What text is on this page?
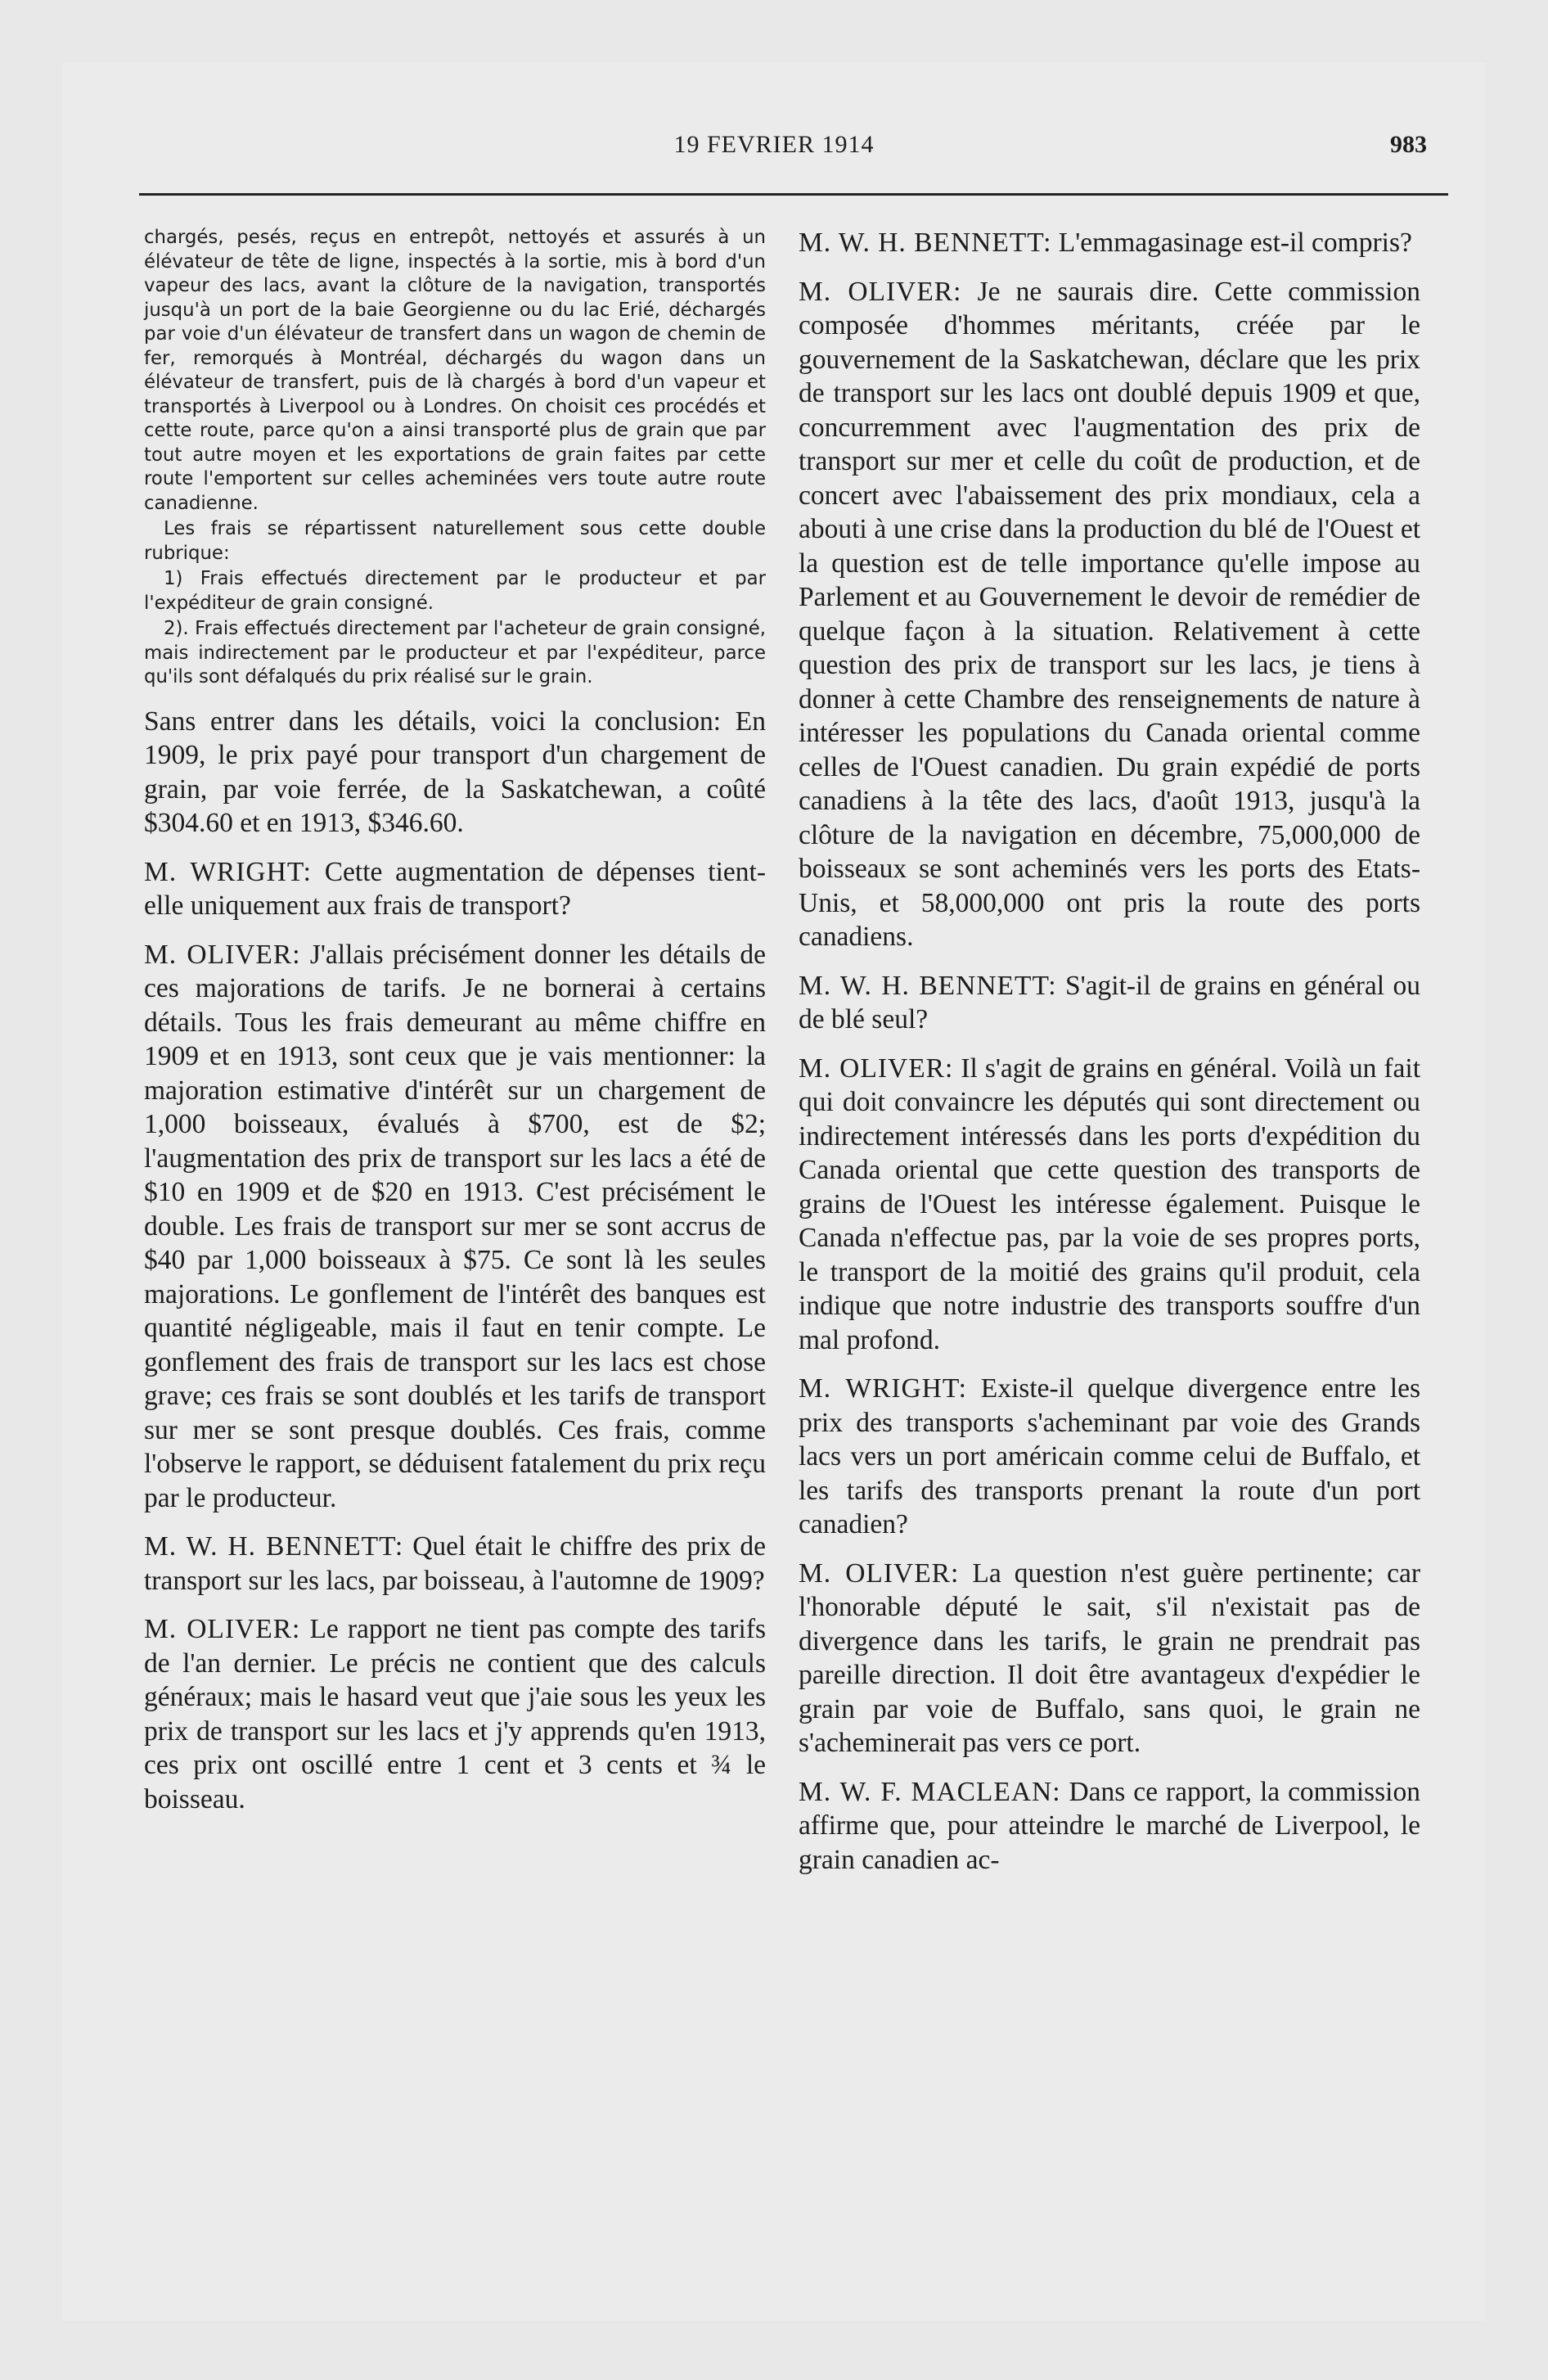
19 FEVRIER 1914	983

chargés, pesés, reçus en entrepôt, nettoyés et assurés à un élévateur de tête de ligne, inspectés à la sortie, mis à bord d'un vapeur des lacs, avant la clôture de la navigation, transportés jusqu'à un port de la baie Georgienne ou du lac Erié, déchargés par voie d'un élévateur de transfert dans un wagon de chemin de fer, remorqués à Montréal, déchargés du wagon dans un élévateur de transfert, puis de là chargés à bord d'un vapeur et transportés à Liverpool ou à Londres. On choisit ces procédés et cette route, parce qu'on a ainsi transporté plus de grain que par tout autre moyen et les exportations de grain faites par cette route l'emportent sur celles acheminées vers toute autre route canadienne.

Les frais se répartissent naturellement sous cette double rubrique:

1) Frais effectués directement par le producteur et par l'expéditeur de grain consigné.

2). Frais effectués directement par l'acheteur de grain consigné, mais indirectement par le producteur et par l'expéditeur, parce qu'ils sont défalqués du prix réalisé sur le grain.

Sans entrer dans les détails, voici la conclusion: En 1909, le prix payé pour transport d'un chargement de grain, par voie ferrée, de la Saskatchewan, a coûté $304.60 et en 1913, $346.60.

M. WRIGHT: Cette augmentation de dépenses tient-elle uniquement aux frais de transport?

M. OLIVER: J'allais précisément donner les détails de ces majorations de tarifs. Je ne bornerai à certains détails. Tous les frais demeurant au même chiffre en 1909 et en 1913, sont ceux que je vais mentionner: la majoration estimative d'intérêt sur un chargement de 1,000 boisseaux, évalués à $700, est de $2; l'augmentation des prix de transport sur les lacs a été de $10 en 1909 et de $20 en 1913. C'est précisément le double. Les frais de transport sur mer se sont accrus de $40 par 1,000 boisseaux à $75. Ce sont là les seules majorations. Le gonflement de l'intérêt des banques est quantité négligeable, mais il faut en tenir compte. Le gonflement des frais de transport sur les lacs est chose grave; ces frais se sont doublés et les tarifs de transport sur mer se sont presque doublés. Ces frais, comme l'observe le rapport, se déduisent fatalement du prix reçu par le producteur.

M. W. H. BENNETT: Quel était le chiffre des prix de transport sur les lacs, par boisseau, à l'automne de 1909?

M. OLIVER: Le rapport ne tient pas compte des tarifs de l'an dernier. Le précis ne contient que des calculs généraux; mais le hasard veut que j'aie sous les yeux les prix de transport sur les lacs et j'y apprends qu'en 1913, ces prix ont oscillé entre 1 cent et 3 cents et ¾ le boisseau.

M. W. H. BENNETT: L'emmagasinage est-il compris?

M. OLIVER: Je ne saurais dire. Cette commission composée d'hommes méritants, créée par le gouvernement de la Saskatchewan, déclare que les prix de transport sur les lacs ont doublé depuis 1909 et que, concurremment avec l'augmentation des prix de transport sur mer et celle du coût de production, et de concert avec l'abaissement des prix mondiaux, cela a abouti à une crise dans la production du blé de l'Ouest et la question est de telle importance qu'elle impose au Parlement et au Gouvernement le devoir de remédier de quelque façon à la situation. Relativement à cette question des prix de transport sur les lacs, je tiens à donner à cette Chambre des renseignements de nature à intéresser les populations du Canada oriental comme celles de l'Ouest canadien. Du grain expédié de ports canadiens à la tête des lacs, d'août 1913, jusqu'à la clôture de la navigation en décembre, 75,000,000 de boisseaux se sont acheminés vers les ports des Etats-Unis, et 58,000,000 ont pris la route des ports canadiens.

M. W. H. BENNETT: S'agit-il de grains en général ou de blé seul?

M. OLIVER: Il s'agit de grains en général. Voilà un fait qui doit convaincre les députés qui sont directement ou indirectement intéressés dans les ports d'expédition du Canada oriental que cette question des transports de grains de l'Ouest les intéresse également. Puisque le Canada n'effectue pas, par la voie de ses propres ports, le transport de la moitié des grains qu'il produit, cela indique que notre industrie des transports souffre d'un mal profond.

M. WRIGHT: Existe-il quelque divergence entre les prix des transports s'acheminant par voie des Grands lacs vers un port américain comme celui de Buffalo, et les tarifs des transports prenant la route d'un port canadien?

M. OLIVER: La question n'est guère pertinente; car l'honorable député le sait, s'il n'existait pas de divergence dans les tarifs, le grain ne prendrait pas pareille direction. Il doit être avantageux d'expédier le grain par voie de Buffalo, sans quoi, le grain ne s'acheminerait pas vers ce port.

M. W. F. MACLEAN: Dans ce rapport, la commission affirme que, pour atteindre le marché de Liverpool, le grain canadien ac-
